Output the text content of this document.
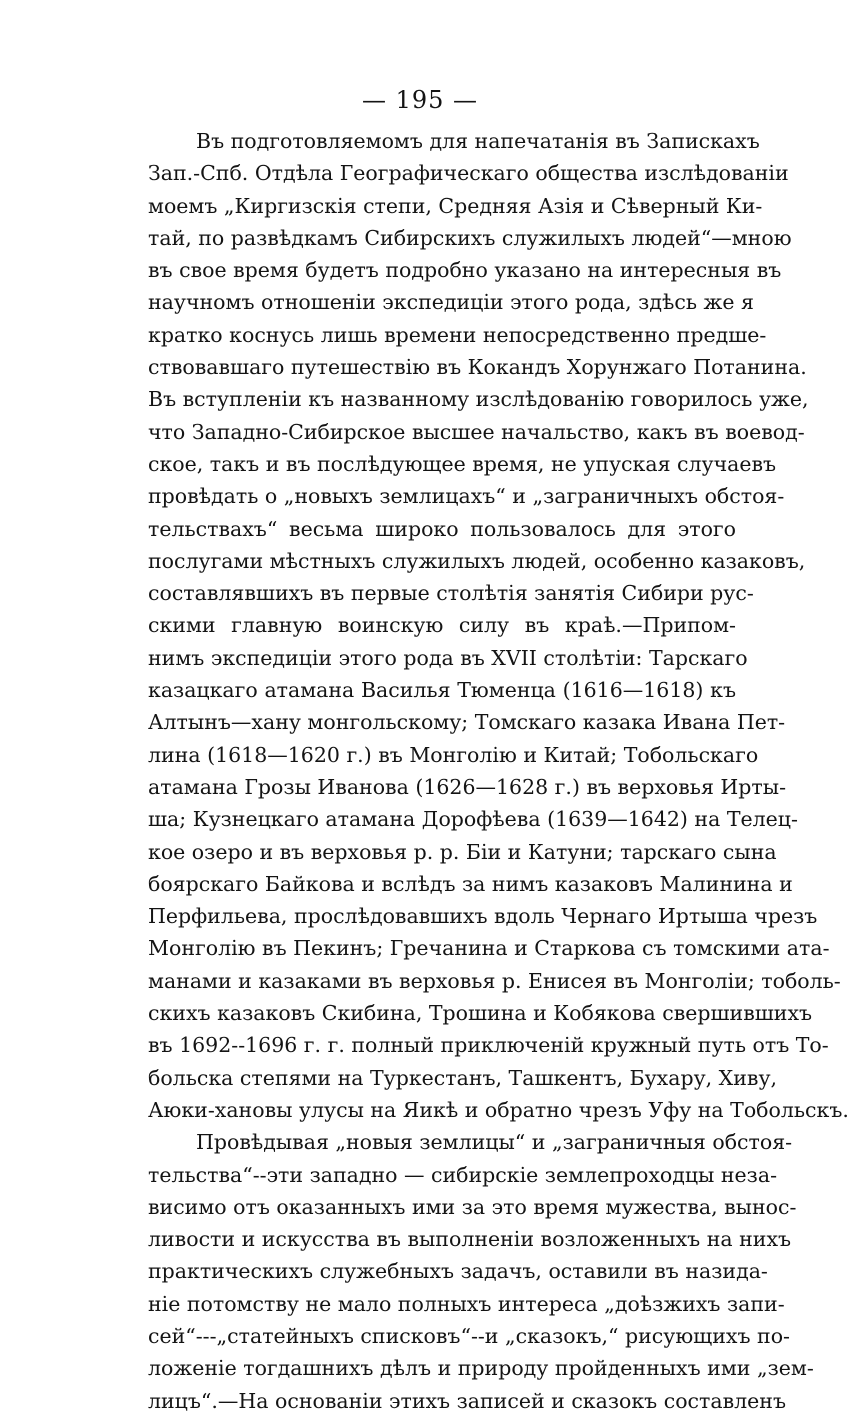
— 195 —
Въ подготовляемомъ для напечатанія въ Запискахъ
Зап.-Спб. Отдѣла Географическаго общества изслѣдованіи
моемъ „Киргизскія степи, Средняя Азія и Сѣверный Ки-
тай, по развѣдкамъ Сибирскихъ служилыхъ людей“—мною
въ свое время будетъ подробно указано на интересныя въ
научномъ отношеніи экспедиціи этого рода, здѣсь же я
кратко коснусь лишь времени непосредственно предше-
ствовавшаго путешествію въ Кокандъ Хорунжаго Потанина.
Въ вступленіи къ названному изслѣдованію говорилось уже,
что Западно-Сибирское высшее начальство, какъ въ воевод-
ское, такъ и въ послѣдующее время, не упуская случаевъ
провѣдать о „новыхъ землицахъ“ и „заграничныхъ обстоя-
тельствахъ“ весьма широко пользовалось для этого
послугами мѣстныхъ служилыхъ людей, особенно казаковъ,
составлявшихъ въ первые столѣтія занятія Сибири рус-
скими главную воинскую силу въ краѣ.—Припом-
нимъ экспедиціи этого рода въ XVII столѣтіи: Тарскаго
казацкаго атамана Василья Тюменца (1616—1618) къ
Алтынъ—хану монгольскому; Томскаго казака Ивана Пет-
лина (1618—1620 г.) въ Монголію и Китай; Тобольскаго
атамана Грозы Иванова (1626—1628 г.) въ верховья Ирты-
ша; Кузнецкаго атамана Дорофѣева (1639—1642) на Телец-
кое озеро и въ верховья р. р. Біи и Катуни; тарскаго сына
боярскаго Байкова и вслѣдъ за нимъ казаковъ Малинина и
Перфильева, прослѣдовавшихъ вдоль Чернаго Иртыша чрезъ
Монголію въ Пекинъ; Гречанина и Старкова съ томскими ата-
манами и казаками въ верховья р. Енисея въ Монголіи; тоболь-
скихъ казаковъ Скибина, Трошина и Кобякова свершившихъ
въ 1692--1696 г. г. полный приключеній кружный путь отъ То-
больска степями на Туркестанъ, Ташкентъ, Бухару, Хиву,
Аюки-хановы улусы на Яикѣ и обратно чрезъ Уфу на Тобольскъ.
Провѣдывая „новыя землицы“ и „заграничныя обстоя-
тельства“--эти западно — сибирскіе землепроходцы неза-
висимо отъ оказанныхъ ими за это время мужества, вынос-
ливости и искусства въ выполненіи возложенныхъ на нихъ
практическихъ служебныхъ задачъ, оставили въ назида-
ніе потомству не мало полныхъ интереса „доѣзжихъ запи-
сей“---„статейныхъ списковъ“--и „сказокъ,“ рисующихъ по-
ложеніе тогдашнихъ дѣлъ и природу пройденныхъ ими „зем-
лицъ“.—На основаніи этихъ записей и сказокъ составленъ
